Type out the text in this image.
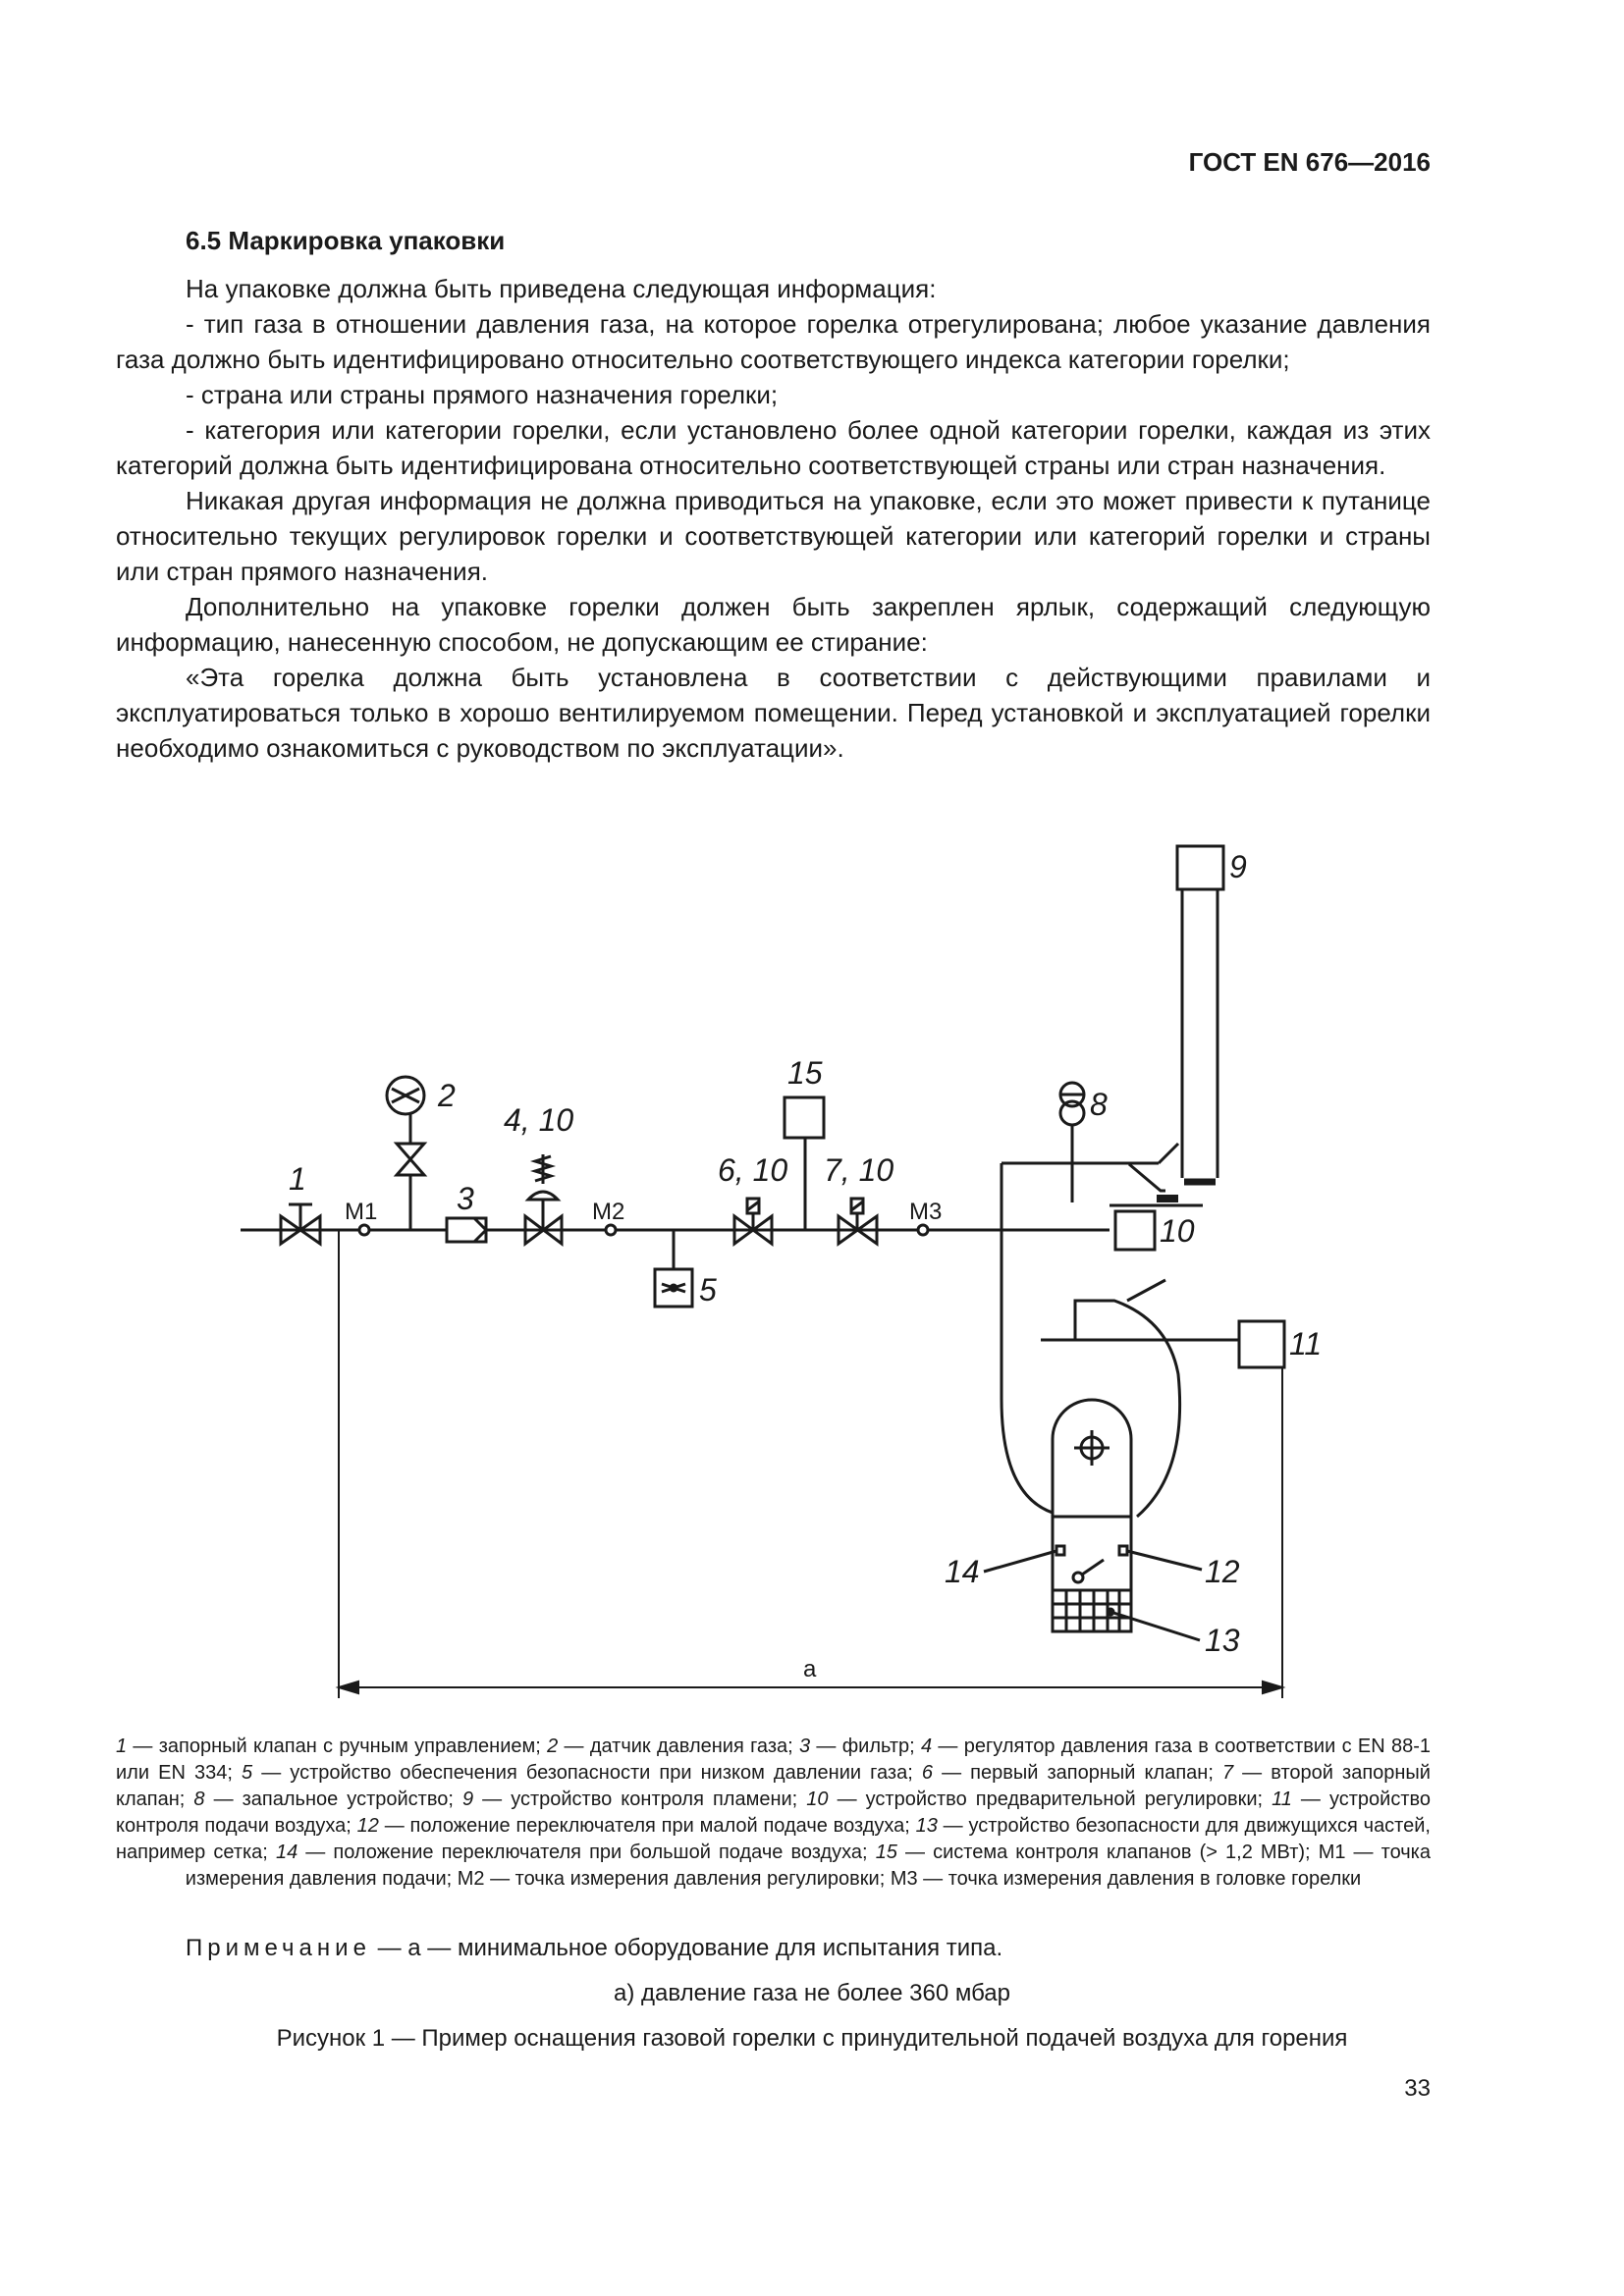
ГОСТ EN 676—2016
6.5 Маркировка упаковки

На упаковке должна быть приведена следующая информация:

- тип газа в отношении давления газа, на которое горелка отрегулирована; любое указание давления газа должно быть идентифицировано относительно соответствующего индекса категории горелки;

- страна или страны прямого назначения горелки;

- категория или категории горелки, если установлено более одной категории горелки, каждая из этих категорий должна быть идентифицирована относительно соответствующей страны или стран назначения.

Никакая другая информация не должна приводиться на упаковке, если это может привести к путанице относительно текущих регулировок горелки и соответствующей категории или категорий горелки и страны или стран прямого назначения.

Дополнительно на упаковке горелки должен быть закреплен ярлык, содержащий следующую информацию, нанесенную способом, не допускающим ее стирание:

«Эта горелка должна быть установлена в соответствии с действующими правилами и эксплуатироваться только в хорошо вентилируемом помещении. Перед установкой и эксплуатацией горелки необходимо ознакомиться с руководством по эксплуатации».

1
М1
2
3
4, 10
М2
5
6, 10
15
7, 10
М3
10
8
9
11
14	12
13
а
1 — запорный клапан с ручным управлением; 2 — датчик давления газа; 3 — фильтр; 4 — регулятор давления газа в соответствии с EN 88-1 или EN 334; 5 — устройство обеспечения безопасности при низком давлении газа; 6 — первый запорный клапан; 7 — второй запорный клапан; 8 — запальное устройство; 9 — устройство контроля пламени; 10 — устройство предварительной регулировки; 11 — устройство контроля подачи воздуха; 12 — положение переключателя при малой подаче воздуха; 13 — устройство безопасности для движущихся частей, например сетка; 14 — положение переключателя при большой подаче воздуха; 15 — система контроля клапанов (> 1,2 МВт); М1 — точка измерения давления подачи; М2 — точка измерения давления регулировки; М3 — точка измерения давления в головке горелки
Примечание — а — минимальное оборудование для испытания типа.
а) давление газа не более 360 мбар
Рисунок 1 — Пример оснащения газовой горелки с принудительной подачей воздуха для горения
33
